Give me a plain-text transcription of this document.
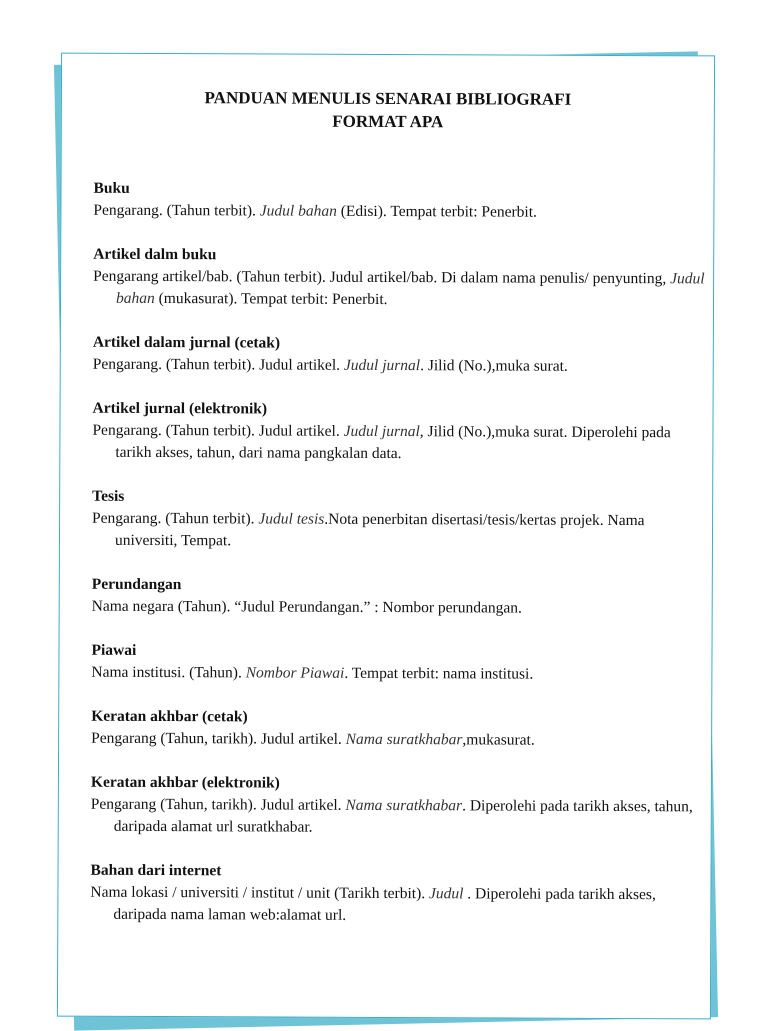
PANDUAN MENULIS SENARAI BIBLIOGRAFI
FORMAT APA
Buku

Pengarang. (Tahun terbit). Judul bahan (Edisi). Tempat terbit: Penerbit.

Artikel dalm buku

Pengarang artikel/bab. (Tahun terbit). Judul artikel/bab. Di dalam nama penulis/ penyunting, Judul bahan (mukasurat). Tempat terbit: Penerbit.

Artikel dalam jurnal (cetak)

Pengarang. (Tahun terbit). Judul artikel. Judul jurnal. Jilid (No.),muka surat.

Artikel jurnal (elektronik)

Pengarang. (Tahun terbit). Judul artikel. Judul jurnal, Jilid (No.),muka surat. Diperolehi pada tarikh akses, tahun, dari nama pangkalan data.

Tesis

Pengarang. (Tahun terbit). Judul tesis.Nota penerbitan disertasi/tesis/kertas projek. Nama universiti, Tempat.

Perundangan

Nama negara (Tahun). “Judul Perundangan.” : Nombor perundangan.

Piawai

Nama institusi. (Tahun). Nombor Piawai. Tempat terbit: nama institusi.

Keratan akhbar (cetak)

Pengarang (Tahun, tarikh). Judul artikel. Nama suratkhabar,mukasurat.

Keratan akhbar (elektronik)

Pengarang (Tahun, tarikh). Judul artikel. Nama suratkhabar. Diperolehi pada tarikh akses, tahun, daripada alamat url suratkhabar.

Bahan dari internet

Nama lokasi / universiti / institut / unit (Tarikh terbit). Judul . Diperolehi pada tarikh akses, daripada nama laman web:alamat url.
